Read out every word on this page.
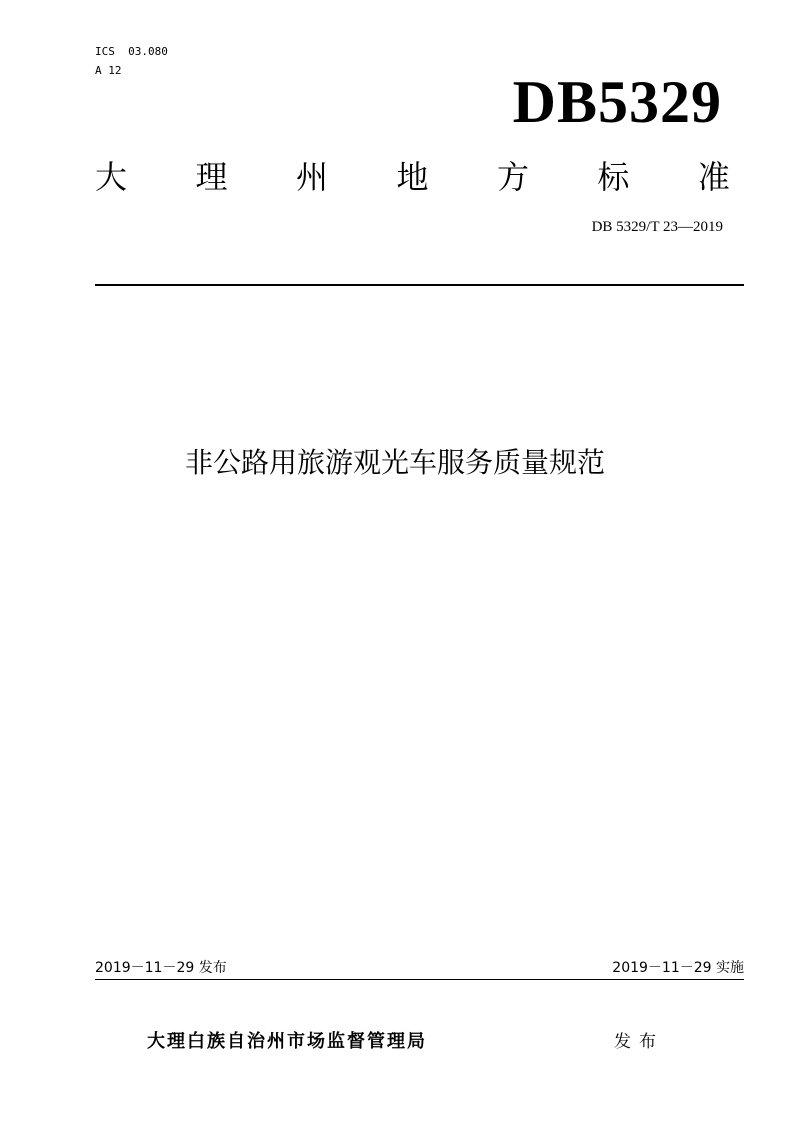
ICS  03.080
A 12	DB5329
大 理 州 地 方 标 准
DB 5329/T 23—2019
非公路用旅游观光车服务质量规范
2019－11－29 发布	2019－11－29 实施
大理白族自治州市场监督管理局	发布
